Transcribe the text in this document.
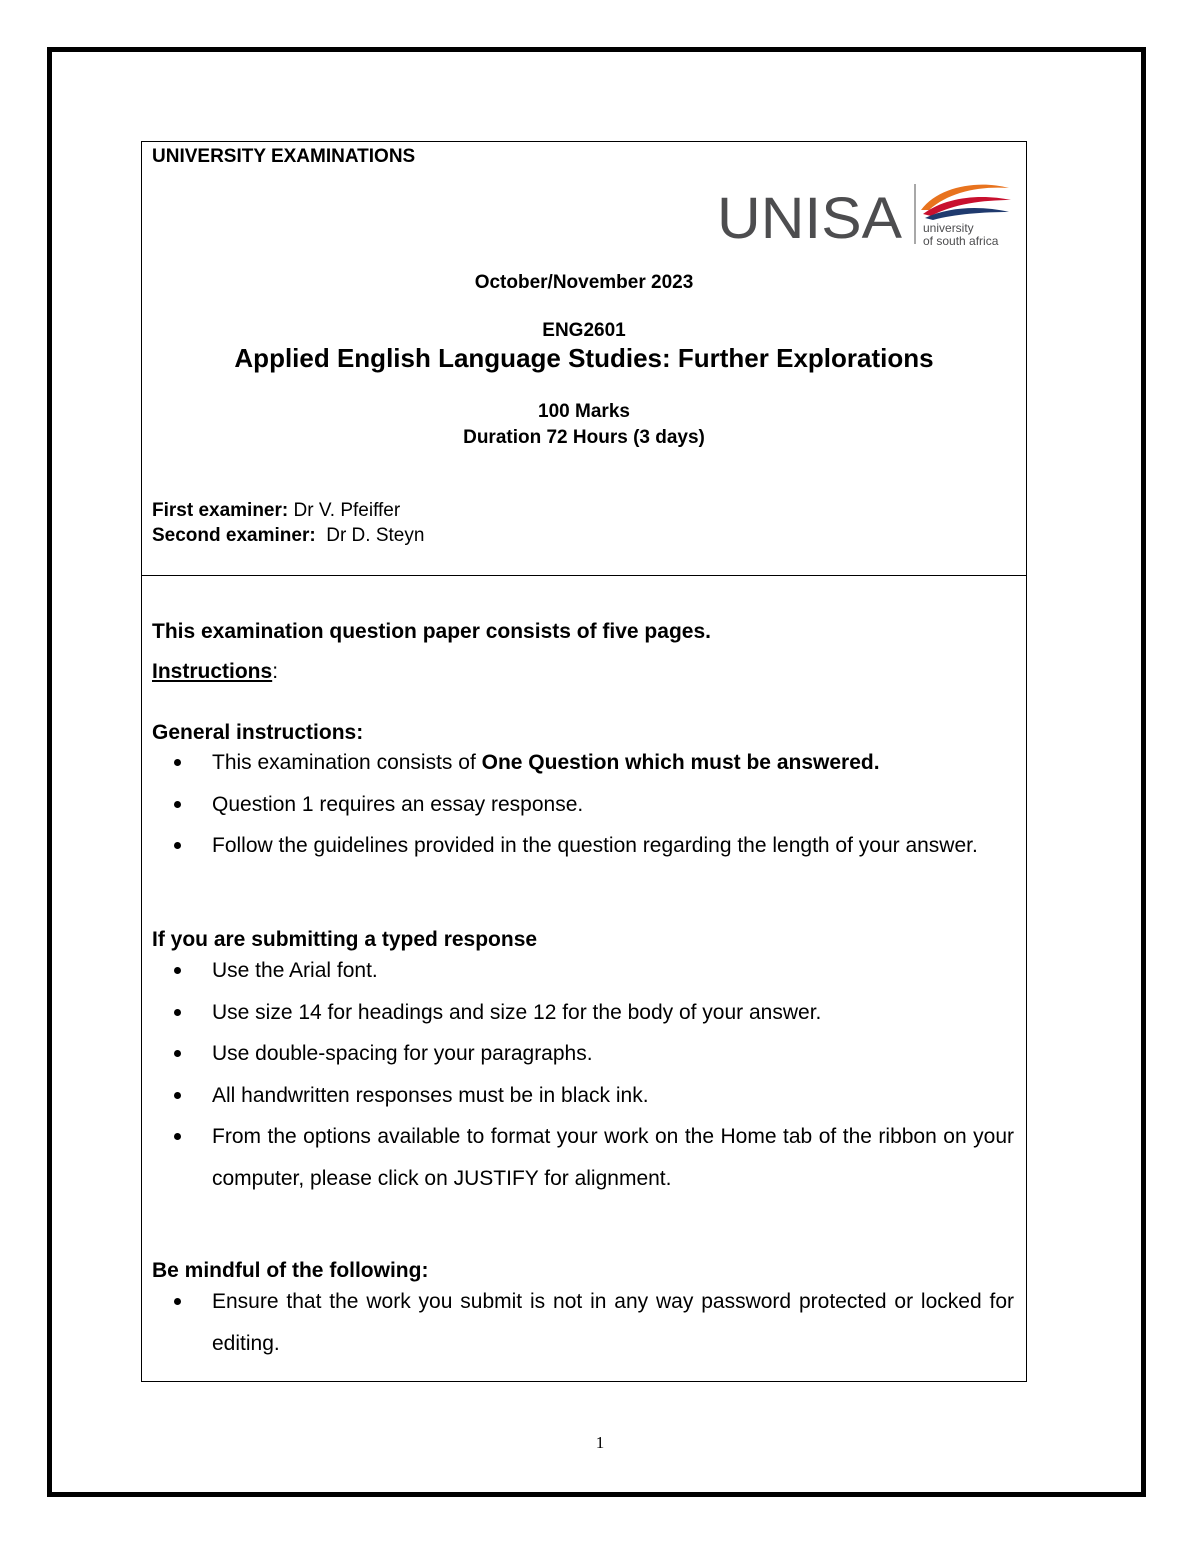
UNIVERSITY EXAMINATIONS

UNISA university
of south africa

October/November 2023

ENG2601

Applied English Language Studies: Further Explorations

100 Marks

Duration 72 Hours (3 days)

First examiner: Dr V. Pfeiffer

Second examiner:  Dr D. Steyn

This examination question paper consists of five pages.

Instructions:

General instructions:

This examination consists of One Question which must be answered.
Question 1 requires an essay response.
Follow the guidelines provided in the question regarding the length of your answer.

If you are submitting a typed response

Use the Arial font.
Use size 14 for headings and size 12 for the body of your answer.
Use double-spacing for your paragraphs.
All handwritten responses must be in black ink.
From the options available to format your work on the Home tab of the ribbon on your computer, please click on JUSTIFY for alignment.

Be mindful of the following:

Ensure that the work you submit is not in any way password protected or locked for editing.
1
